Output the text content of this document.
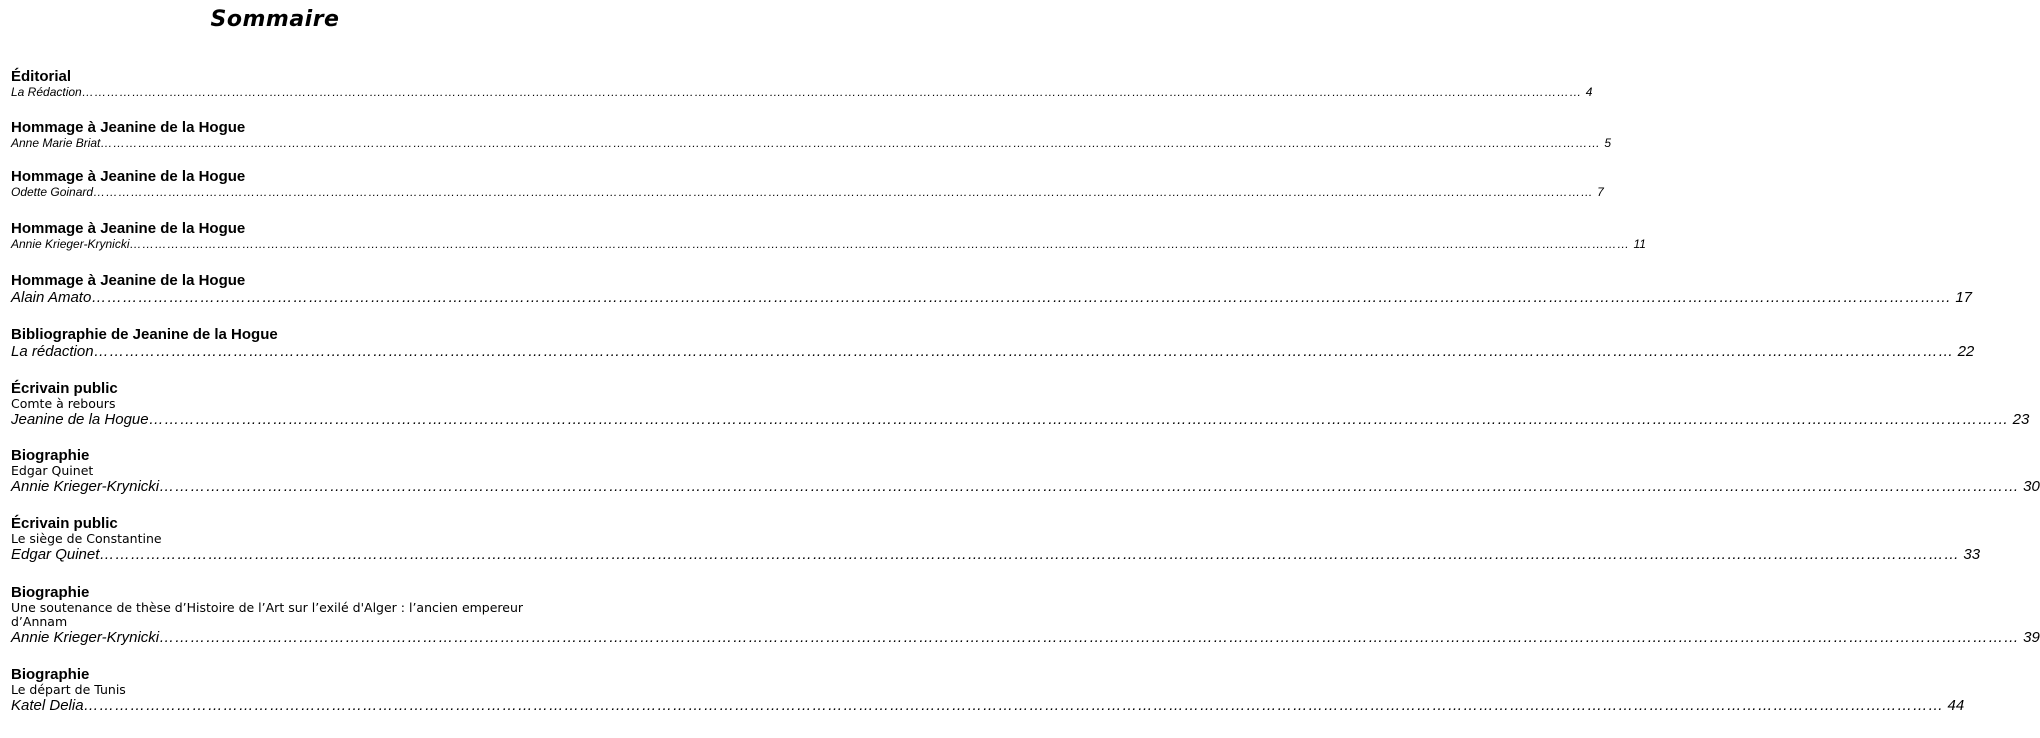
Sommaire
Éditorial
La Rédaction ……………………………………………………………………………………………………………………………………………………………………………………………………………………………………………………………………………………………………………………………… 4
Hommage à Jeanine de la Hogue
Anne Marie Briat ……………………………………………………………………………………………………………………………………………………………………………………………………………………………………………………………………………………………………………………………… 5
Hommage à Jeanine de la Hogue
Odette Goinard ……………………………………………………………………………………………………………………………………………………………………………………………………………………………………………………………………………………………………………………………… 7
Hommage à Jeanine de la Hogue
Annie Krieger-Krynicki ……………………………………………………………………………………………………………………………………………………………………………………………………………………………………………………………………………………………………………………………… 11
Hommage à Jeanine de la Hogue
Alain Amato ……………………………………………………………………………………………………………………………………………………………………………………………………………………………………………………………………………………………………………………………… 17
Bibliographie de Jeanine de la Hogue
La rédaction ……………………………………………………………………………………………………………………………………………………………………………………………………………………………………………………………………………………………………………………………… 22
Écrivain public
Comte à rebours
Jeanine de la Hogue ……………………………………………………………………………………………………………………………………………………………………………………………………………………………………………………………………………………………………………………………… 23
Biographie
Edgar Quinet
Annie Krieger-Krynicki ……………………………………………………………………………………………………………………………………………………………………………………………………………………………………………………………………………………………………………………………… 30
Écrivain public
Le siège de Constantine
Edgar Quinet ……………………………………………………………………………………………………………………………………………………………………………………………………………………………………………………………………………………………………………………………… 33
Biographie
Une soutenance de thèse d’Histoire de l’Art sur l’exilé d'Alger : l’ancien empereur d’Annam
Annie Krieger-Krynicki ……………………………………………………………………………………………………………………………………………………………………………………………………………………………………………………………………………………………………………………………… 39
Biographie
Le départ de Tunis
Katel Delia ……………………………………………………………………………………………………………………………………………………………………………………………………………………………………………………………………………………………………………………………… 44
